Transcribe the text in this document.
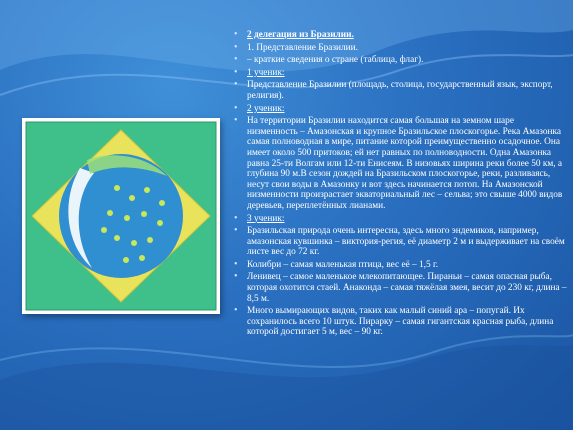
• 2 делегация из Бразилии.
• 1. Представление Бразилии.
• – краткие сведения о стране (таблица, флаг).
• 1 ученик:
• Представление Бразилии (площадь, столица, государственный язык, экспорт, религия).
• 2 ученик:
• На территории Бразилии находится самая большая на земном шаре низменность – Амазонская и крупное Бразильское плоскогорье. Река Амазонка самая полноводная в мире, питание которой преимущественно осадочное. Она имеет около 500 притоков; ей нет равных по полноводности. Одна Амазонка равна 25-ти Волгам или 12-ти Енисеям. В низовьях ширина реки более 50 км, а глубина 90 м.В сезон дождей на Бразильском плоскогорье, реки, разливаясь, несут свои воды в Амазонку и вот здесь начинается потоп. На Амазонской низменности произрастает экваториальный лес – сельва; это свыше 4000 видов деревьев, переплетённых лианами.
• 3 ученик:
• Бразильская природа очень интересна, здесь много эндемиков, например, амазонская кувшинка – виктория-регия, её диаметр 2 м и выдерживает на своём листе вес до 72 кг.
• Колибри – самая маленькая птица, вес её – 1,5 г.
• Ленивец – самое маленькое млекопитающее. Пираньи – самая опасная рыба, которая охотится стаей. Анаконда – самая тяжёлая змея, весит до 230 кг, длина – 8,5 м.
• Много вымирающих видов, таких как малый синий ара – попугай. Их сохранилось всего 10 штук. Пирарку – самая гигантская красная рыба, длина которой достигает 5 м, вес – 90 кг.
